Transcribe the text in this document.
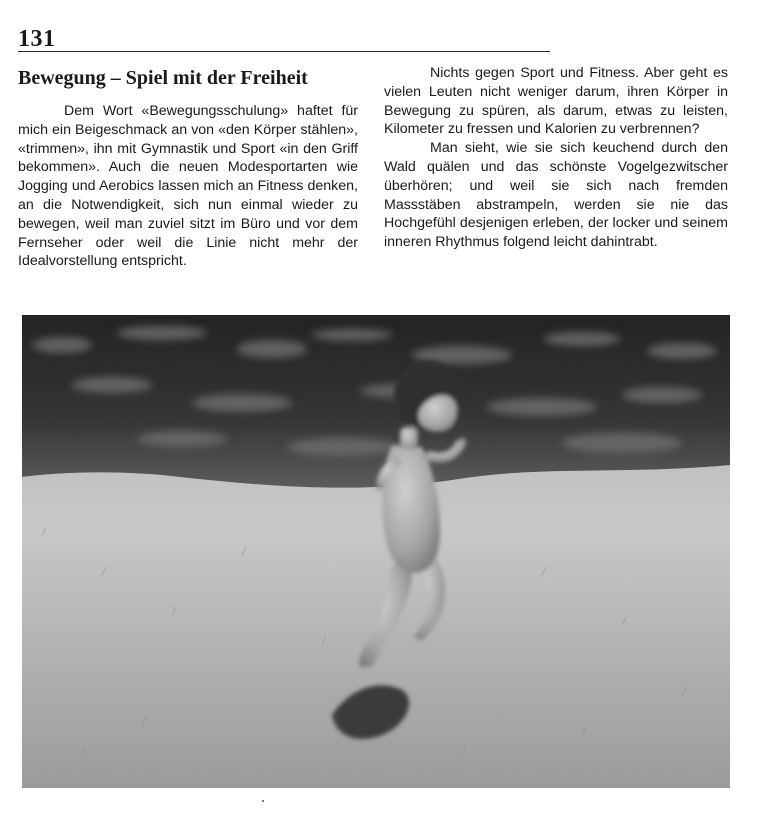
131
Bewegung – Spiel mit der Freiheit

Dem Wort «Bewegungsschulung» haftet für mich ein Beigeschmack an von «den Körper stählen», «trimmen», ihn mit Gymnastik und Sport «in den Griff bekommen». Auch die neuen Modesportarten wie Jogging und Aerobics lassen mich an Fitness denken, an die Notwendigkeit, sich nun einmal wieder zu bewegen, weil man zuviel sitzt im Büro und vor dem Fernseher oder weil die Linie nicht mehr der Idealvorstellung entspricht.

Nichts gegen Sport und Fitness. Aber geht es vielen Leuten nicht weniger darum, ihren Körper in Bewegung zu spüren, als darum, etwas zu leisten, Kilometer zu fressen und Kalorien zu verbrennen?

Man sieht, wie sie sich keuchend durch den Wald quälen und das schönste Vogelgezwitscher überhören; und weil sie sich nach fremden Massstäben abstrampeln, werden sie nie das Hochgefühl desjenigen erleben, der locker und seinem inneren Rhythmus folgend leicht dahintrabt.
